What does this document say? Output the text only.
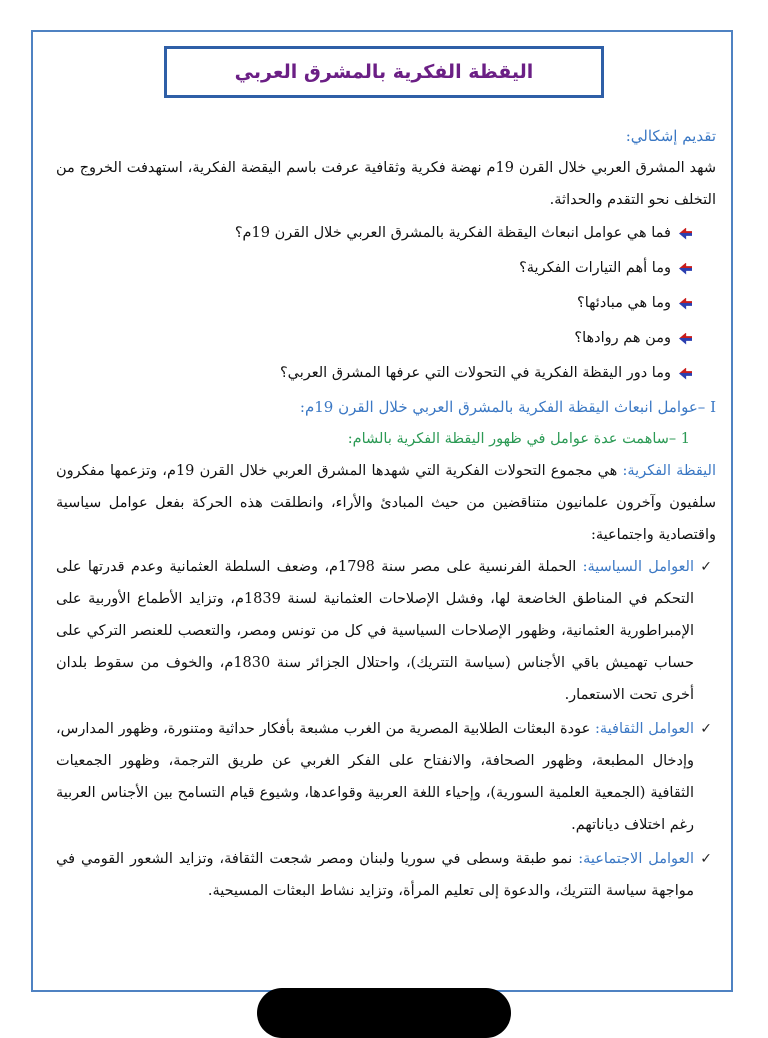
اليقظة الفكرية بالمشرق العربي

تقديم إشكالي:

شهد المشرق العربي خلال القرن 19م نهضة فكرية وثقافية عرفت باسم اليقضة الفكرية، استهدفت الخروج من التخلف نحو التقدم والحداثة.

فما هي عوامل انبعاث اليقظة الفكرية بالمشرق العربي خلال القرن 19م؟
وما أهم التيارات الفكرية؟
وما هي مبادئها؟
ومن هم روادها؟
وما دور اليقظة الفكرية في التحولات التي عرفها المشرق العربي؟

I –عوامل انبعاث اليقظة الفكرية بالمشرق العربي خلال القرن 19م:

1 –ساهمت عدة عوامل في ظهور اليقظة الفكرية بالشام:

اليقظة الفكرية: هي مجموع التحولات الفكرية التي شهدها المشرق العربي خلال القرن 19م، وتزعمها مفكرون سلفيون وآخرون علمانيون متناقضين من حيث المبادئ والأراء، وانطلقت هذه الحركة بفعل عوامل سياسية واقتصادية واجتماعية:

✓
العوامل السياسية: الحملة الفرنسية على مصر سنة 1798م، وضعف السلطة العثمانية وعدم قدرتها على التحكم في المناطق الخاضعة لها، وفشل الإصلاحات العثمانية لسنة 1839م، وتزايد الأطماع الأوربية على الإمبراطورية العثمانية، وظهور الإصلاحات السياسية في كل من تونس ومصر، والتعصب للعنصر التركي على حساب تهميش باقي الأجناس (سياسة التتريك)، واحتلال الجزائر سنة 1830م، والخوف من سقوط بلدان أخرى تحت الاستعمار.
✓
العوامل الثقافية: عودة البعثات الطلابية المصرية من الغرب مشبعة بأفكار حداثية ومتنورة، وظهور المدارس، وإدخال المطبعة، وظهور الصحافة، والانفتاح على الفكر الغربي عن طريق الترجمة، وظهور الجمعيات الثقافية (الجمعية العلمية السورية)، وإحياء اللغة العربية وقواعدها، وشيوع قيام التسامح بين الأجناس العربية رغم اختلاف دياناتهم.
✓
العوامل الاجتماعية: نمو طبقة وسطى في سوريا ولبنان ومصر شجعت الثقافة، وتزايد الشعور القومي في مواجهة سياسة التتريك، والدعوة إلى تعليم المرأة، وتزايد نشاط البعثات المسيحية.
